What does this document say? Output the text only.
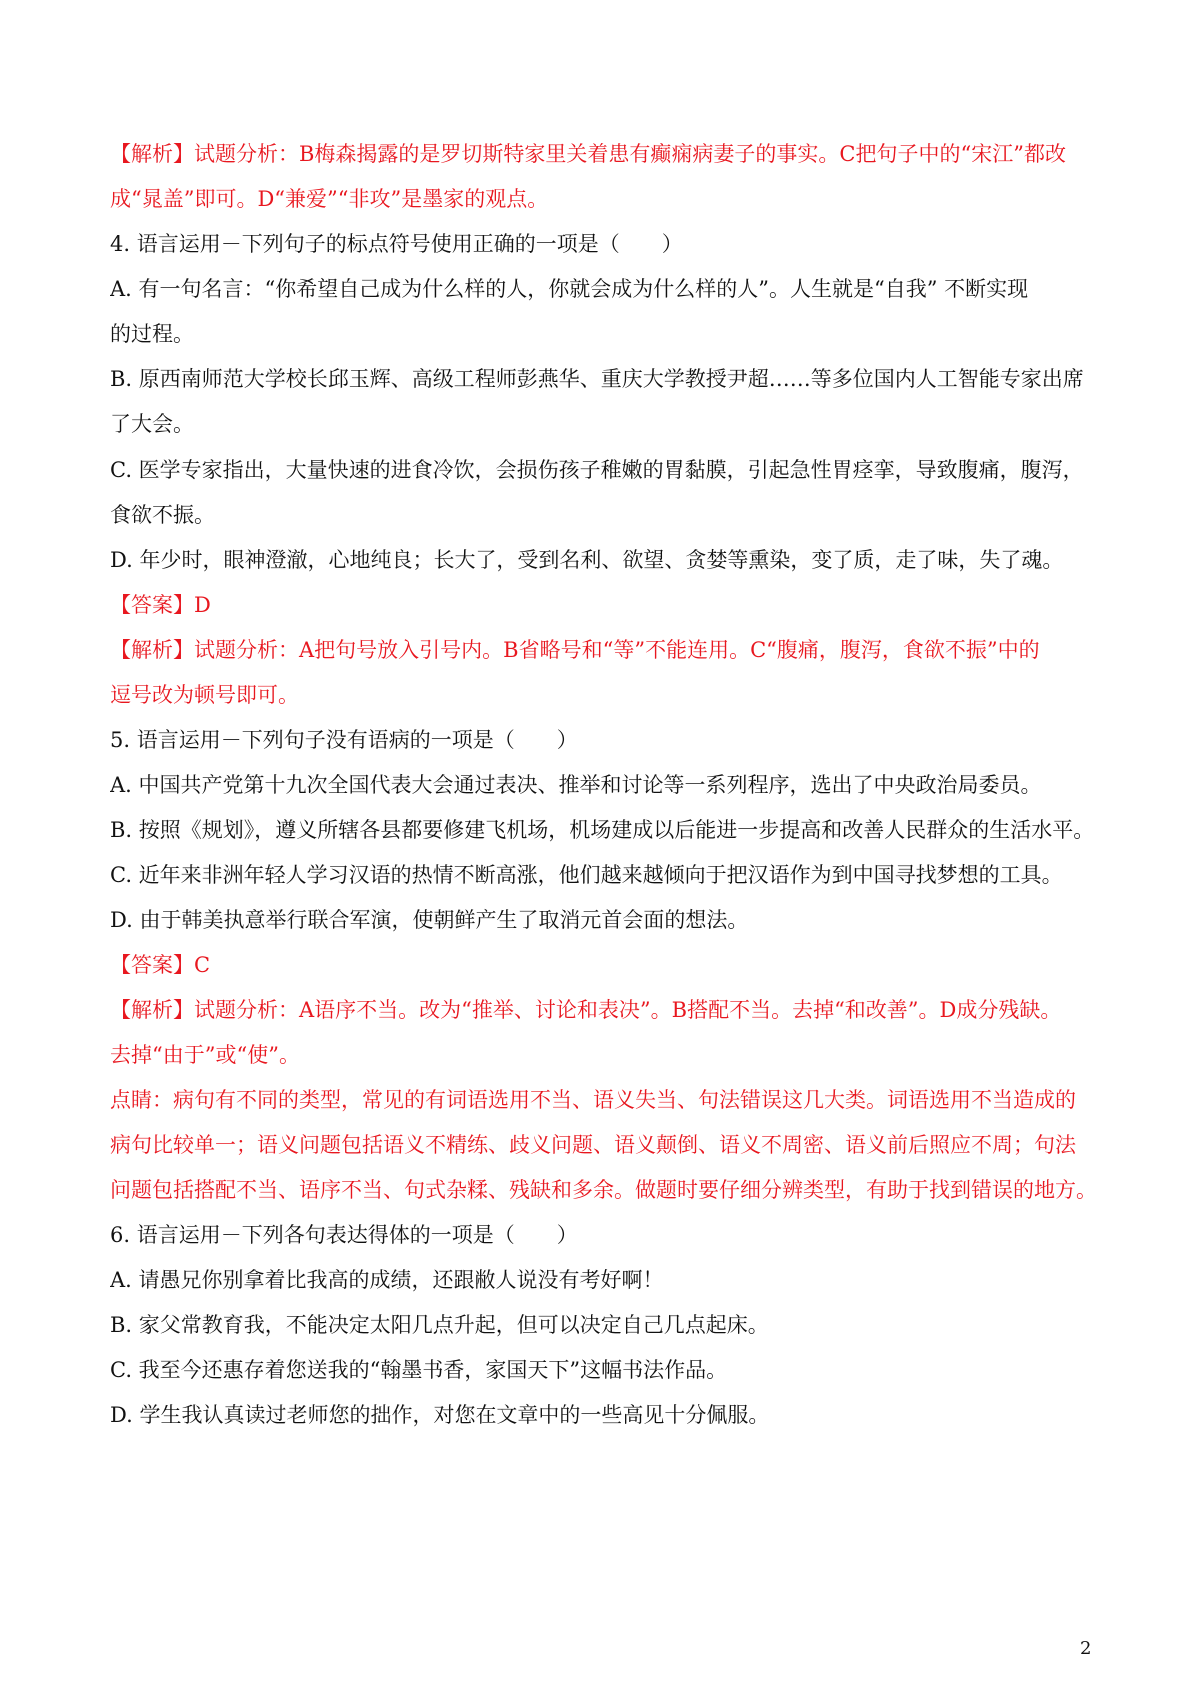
【解析】试题分析：B梅森揭露的是罗切斯特家里关着患有癫痫病妻子的事实。C把句子中的“宋江”都改
成“晁盖”即可。D“兼爱”“非攻”是墨家的观点。
4. 语言运用－下列句子的标点符号使用正确的一项是（　　）
A. 有一句名言：“你希望自己成为什么样的人，你就会成为什么样的人”。人生就是“自我” 不断实现
的过程。
B. 原西南师范大学校长邱玉辉、高级工程师彭燕华、重庆大学教授尹超……等多位国内人工智能专家出席
了大会。
C. 医学专家指出，大量快速的进食冷饮，会损伤孩子稚嫩的胃黏膜，引起急性胃痉挛，导致腹痛，腹泻，
食欲不振。
D. 年少时，眼神澄澈，心地纯良；长大了，受到名利、欲望、贪婪等熏染，变了质，走了味，失了魂。
【答案】D
【解析】试题分析：A把句号放入引号内。B省略号和“等”不能连用。C“腹痛，腹泻，食欲不振”中的
逗号改为顿号即可。
5. 语言运用－下列句子没有语病的一项是（　　）
A. 中国共产党第十九次全国代表大会通过表决、推举和讨论等一系列程序，选出了中央政治局委员。
B. 按照《规划》，遵义所辖各县都要修建飞机场，机场建成以后能进一步提高和改善人民群众的生活水平。
C. 近年来非洲年轻人学习汉语的热情不断高涨，他们越来越倾向于把汉语作为到中国寻找梦想的工具。
D. 由于韩美执意举行联合军演，使朝鲜产生了取消元首会面的想法。
【答案】C
【解析】试题分析：A语序不当。改为“推举、讨论和表决”。B搭配不当。去掉“和改善”。D成分残缺。
去掉“由于”或“使”。
点睛：病句有不同的类型，常见的有词语选用不当、语义失当、句法错误这几大类。词语选用不当造成的
病句比较单一；语义问题包括语义不精练、歧义问题、语义颠倒、语义不周密、语义前后照应不周；句法
问题包括搭配不当、语序不当、句式杂糅、残缺和多余。做题时要仔细分辨类型，有助于找到错误的地方。
6. 语言运用－下列各句表达得体的一项是（　　）
A. 请愚兄你别拿着比我高的成绩，还跟敝人说没有考好啊！
B. 家父常教育我，不能决定太阳几点升起，但可以决定自己几点起床。
C. 我至今还惠存着您送我的“翰墨书香，家国天下”这幅书法作品。
D. 学生我认真读过老师您的拙作，对您在文章中的一些高见十分佩服。
2
